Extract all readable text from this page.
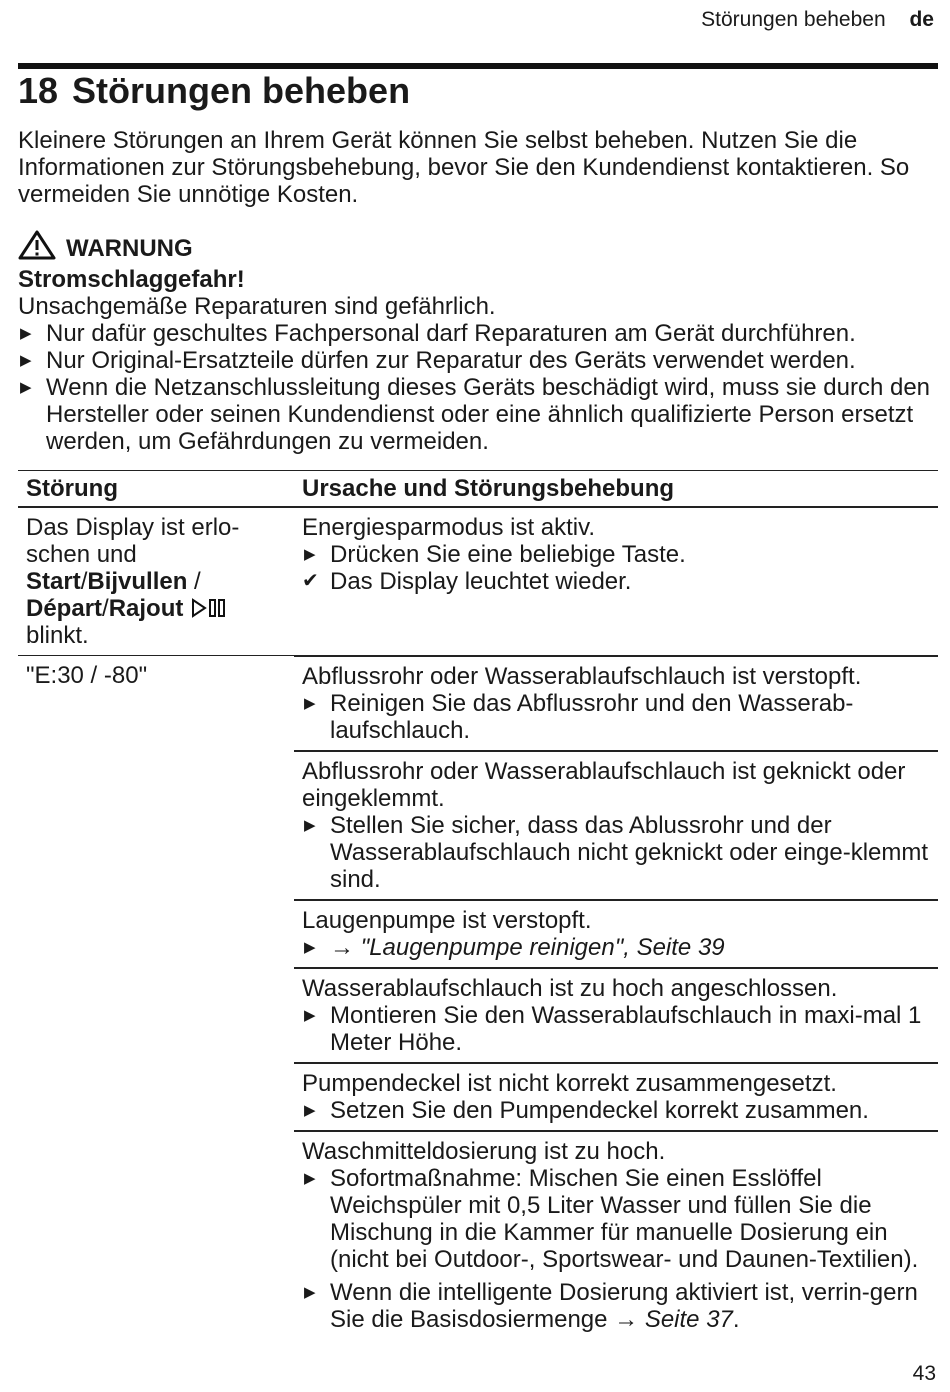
Störungen beheben de
18 Störungen beheben

Kleinere Störungen an Ihrem Gerät können Sie selbst beheben. Nutzen Sie die Informationen zur Störungsbehebung, bevor Sie den Kundendienst kontaktieren. So vermeiden Sie unnötige Kosten.

WARNUNG
Stromschlaggefahr!
Unsachgemäße Reparaturen sind gefährlich.
▶ Nur dafür geschultes Fachpersonal darf Reparaturen am Gerät durchführen.
▶ Nur Original-Ersatzteile dürfen zur Reparatur des Geräts verwendet werden.
▶ Wenn die Netzanschlussleitung dieses Geräts beschädigt wird, muss sie durch den Hersteller oder seinen Kundendienst oder eine ähnlich qualifizierte Person ersetzt werden, um Gefährdungen zu vermeiden.
Störung	Ursache und Störungsbehebung
Das Display ist erlo-schen und Start/Bijvullen / Départ/Rajout  blinkt.	Energiesparmodus ist aktiv.
▶ Drücken Sie eine beliebige Taste.
✔ Das Display leuchtet wieder.

"E:30 / -80"	Abflussrohr oder Wasserablaufschlauch ist verstopft.
▶ Reinigen Sie das Abflussrohr und den Wasserab-laufschlauch.

	Abflussrohr oder Wasserablaufschlauch ist geknickt oder eingeklemmt.
▶ Stellen Sie sicher, dass das Ablussrohr und der Wasserablaufschlauch nicht geknickt oder einge-klemmt sind.

	Laugenpumpe ist verstopft.
▶ → "Laugenpumpe reinigen", Seite 39

	Wasserablaufschlauch ist zu hoch angeschlossen.
▶ Montieren Sie den Wasserablaufschlauch in maxi-mal 1 Meter Höhe.

	Pumpendeckel ist nicht korrekt zusammengesetzt.
▶ Setzen Sie den Pumpendeckel korrekt zusammen.

	Waschmitteldosierung ist zu hoch.
▶ Sofortmaßnahme: Mischen Sie einen Esslöffel Weichspüler mit 0,5 Liter Wasser und füllen Sie die Mischung in die Kammer für manuelle Dosierung ein (nicht bei Outdoor-, Sportswear- und Daunen-Textilien).
▶ Wenn die intelligente Dosierung aktiviert ist, verrin-gern Sie die Basisdosiermenge → Seite 37.
43
